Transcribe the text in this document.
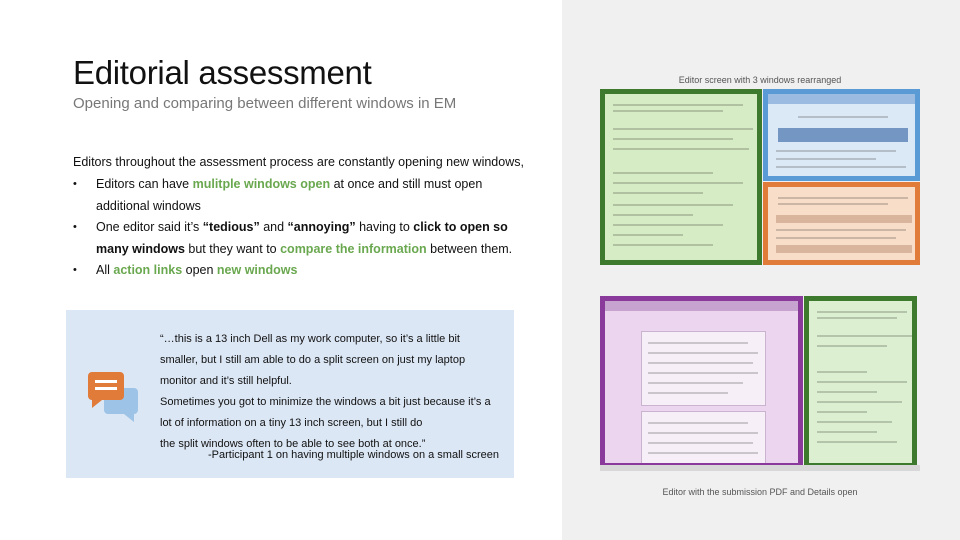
Editorial assessment
Opening and comparing between different windows in EM
Editors throughout the assessment process are constantly opening new windows,
• Editors can have mulitple windows open at once and still must open additional windows
• One editor said it’s “tedious” and “annoying” having to click to open so many windows but they want to compare the information between them.
• All action links open new windows
“…this is a 13 inch Dell as my work computer, so it’s a little bit
smaller, but I still am able to do a split screen on just my laptop
monitor and it’s still helpful.
Sometimes you got to minimize the windows a bit just because it’s a
lot of information on a tiny 13 inch screen, but I still do
the split windows often to be able to see both at once.”
-Participant 1 on having multiple windows on a small screen
Editor screen with 3 windows rearranged
Editor with the submission PDF and Details open
